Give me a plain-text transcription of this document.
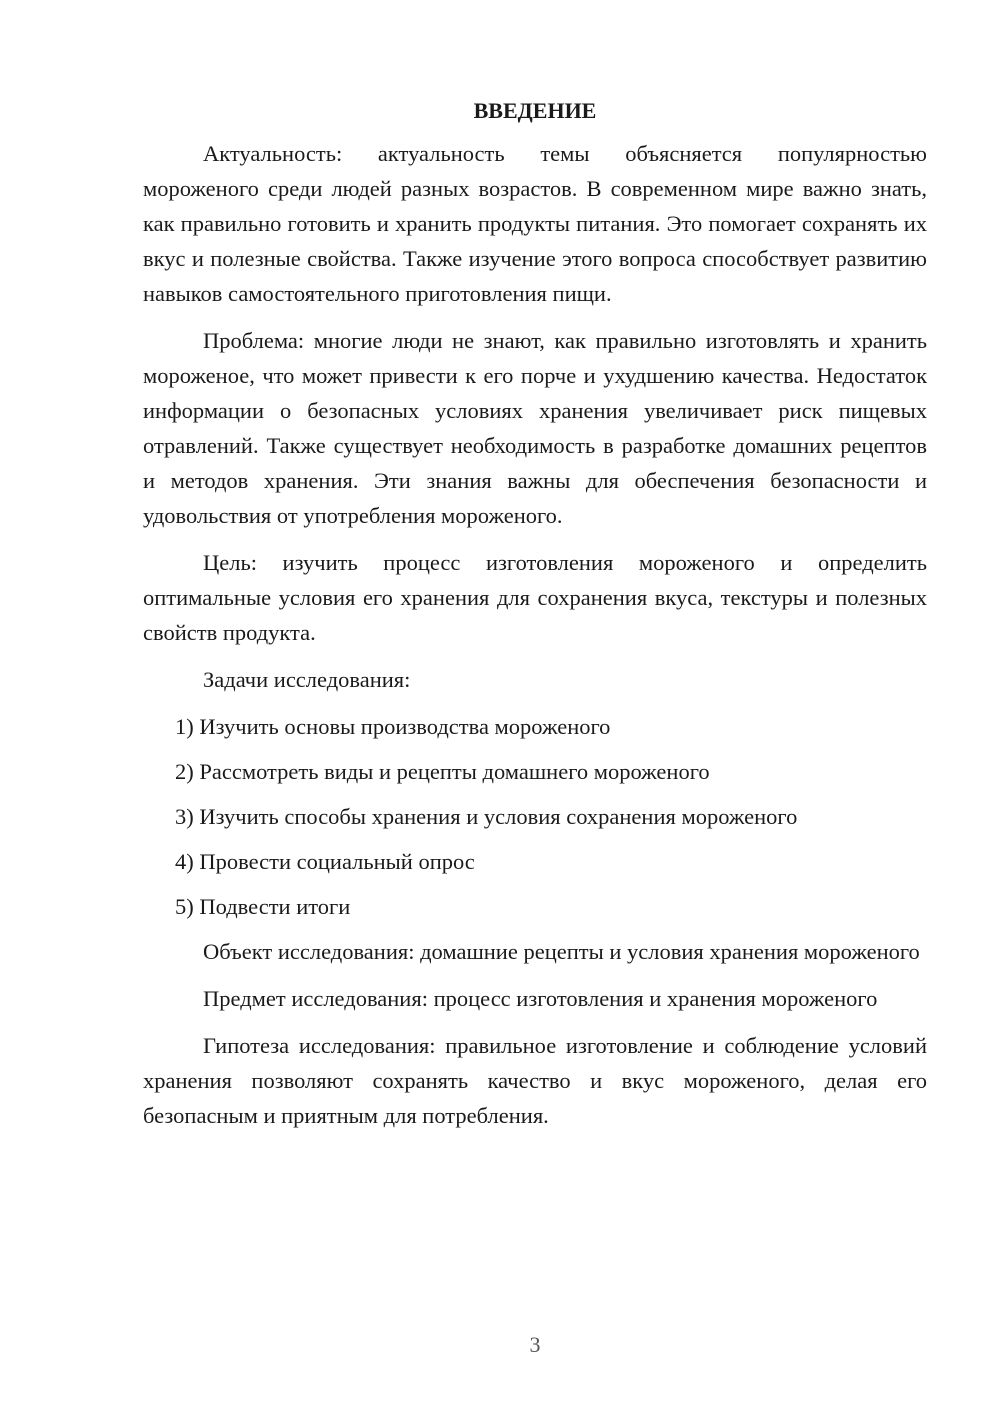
ВВЕДЕНИЕ

Актуальность: актуальность темы объясняется популярностью мороженого среди людей разных возрастов. В современном мире важно знать, как правильно готовить и хранить продукты питания. Это помогает сохранять их вкус и полезные свойства. Также изучение этого вопроса способствует развитию навыков самостоятельного приготовления пищи.

Проблема: многие люди не знают, как правильно изготовлять и хранить мороженое, что может привести к его порче и ухудшению качества. Недостаток информации о безопасных условиях хранения увеличивает риск пищевых отравлений. Также существует необходимость в разработке домашних рецептов и методов хранения. Эти знания важны для обеспечения безопасности и удовольствия от употребления мороженого.

Цель: изучить процесс изготовления мороженого и определить оптимальные условия его хранения для сохранения вкуса, текстуры и полезных свойств продукта.

Задачи исследования:

1) Изучить основы производства мороженого
2) Рассмотреть виды и рецепты домашнего мороженого
3) Изучить способы хранения и условия сохранения мороженого
4) Провести социальный опрос
5) Подвести итоги

Объект исследования: домашние рецепты и условия хранения мороженого

Предмет исследования: процесс изготовления и хранения мороженого

Гипотеза исследования: правильное изготовление и соблюдение условий хранения позволяют сохранять качество и вкус мороженого, делая его безопасным и приятным для потребления.

3
